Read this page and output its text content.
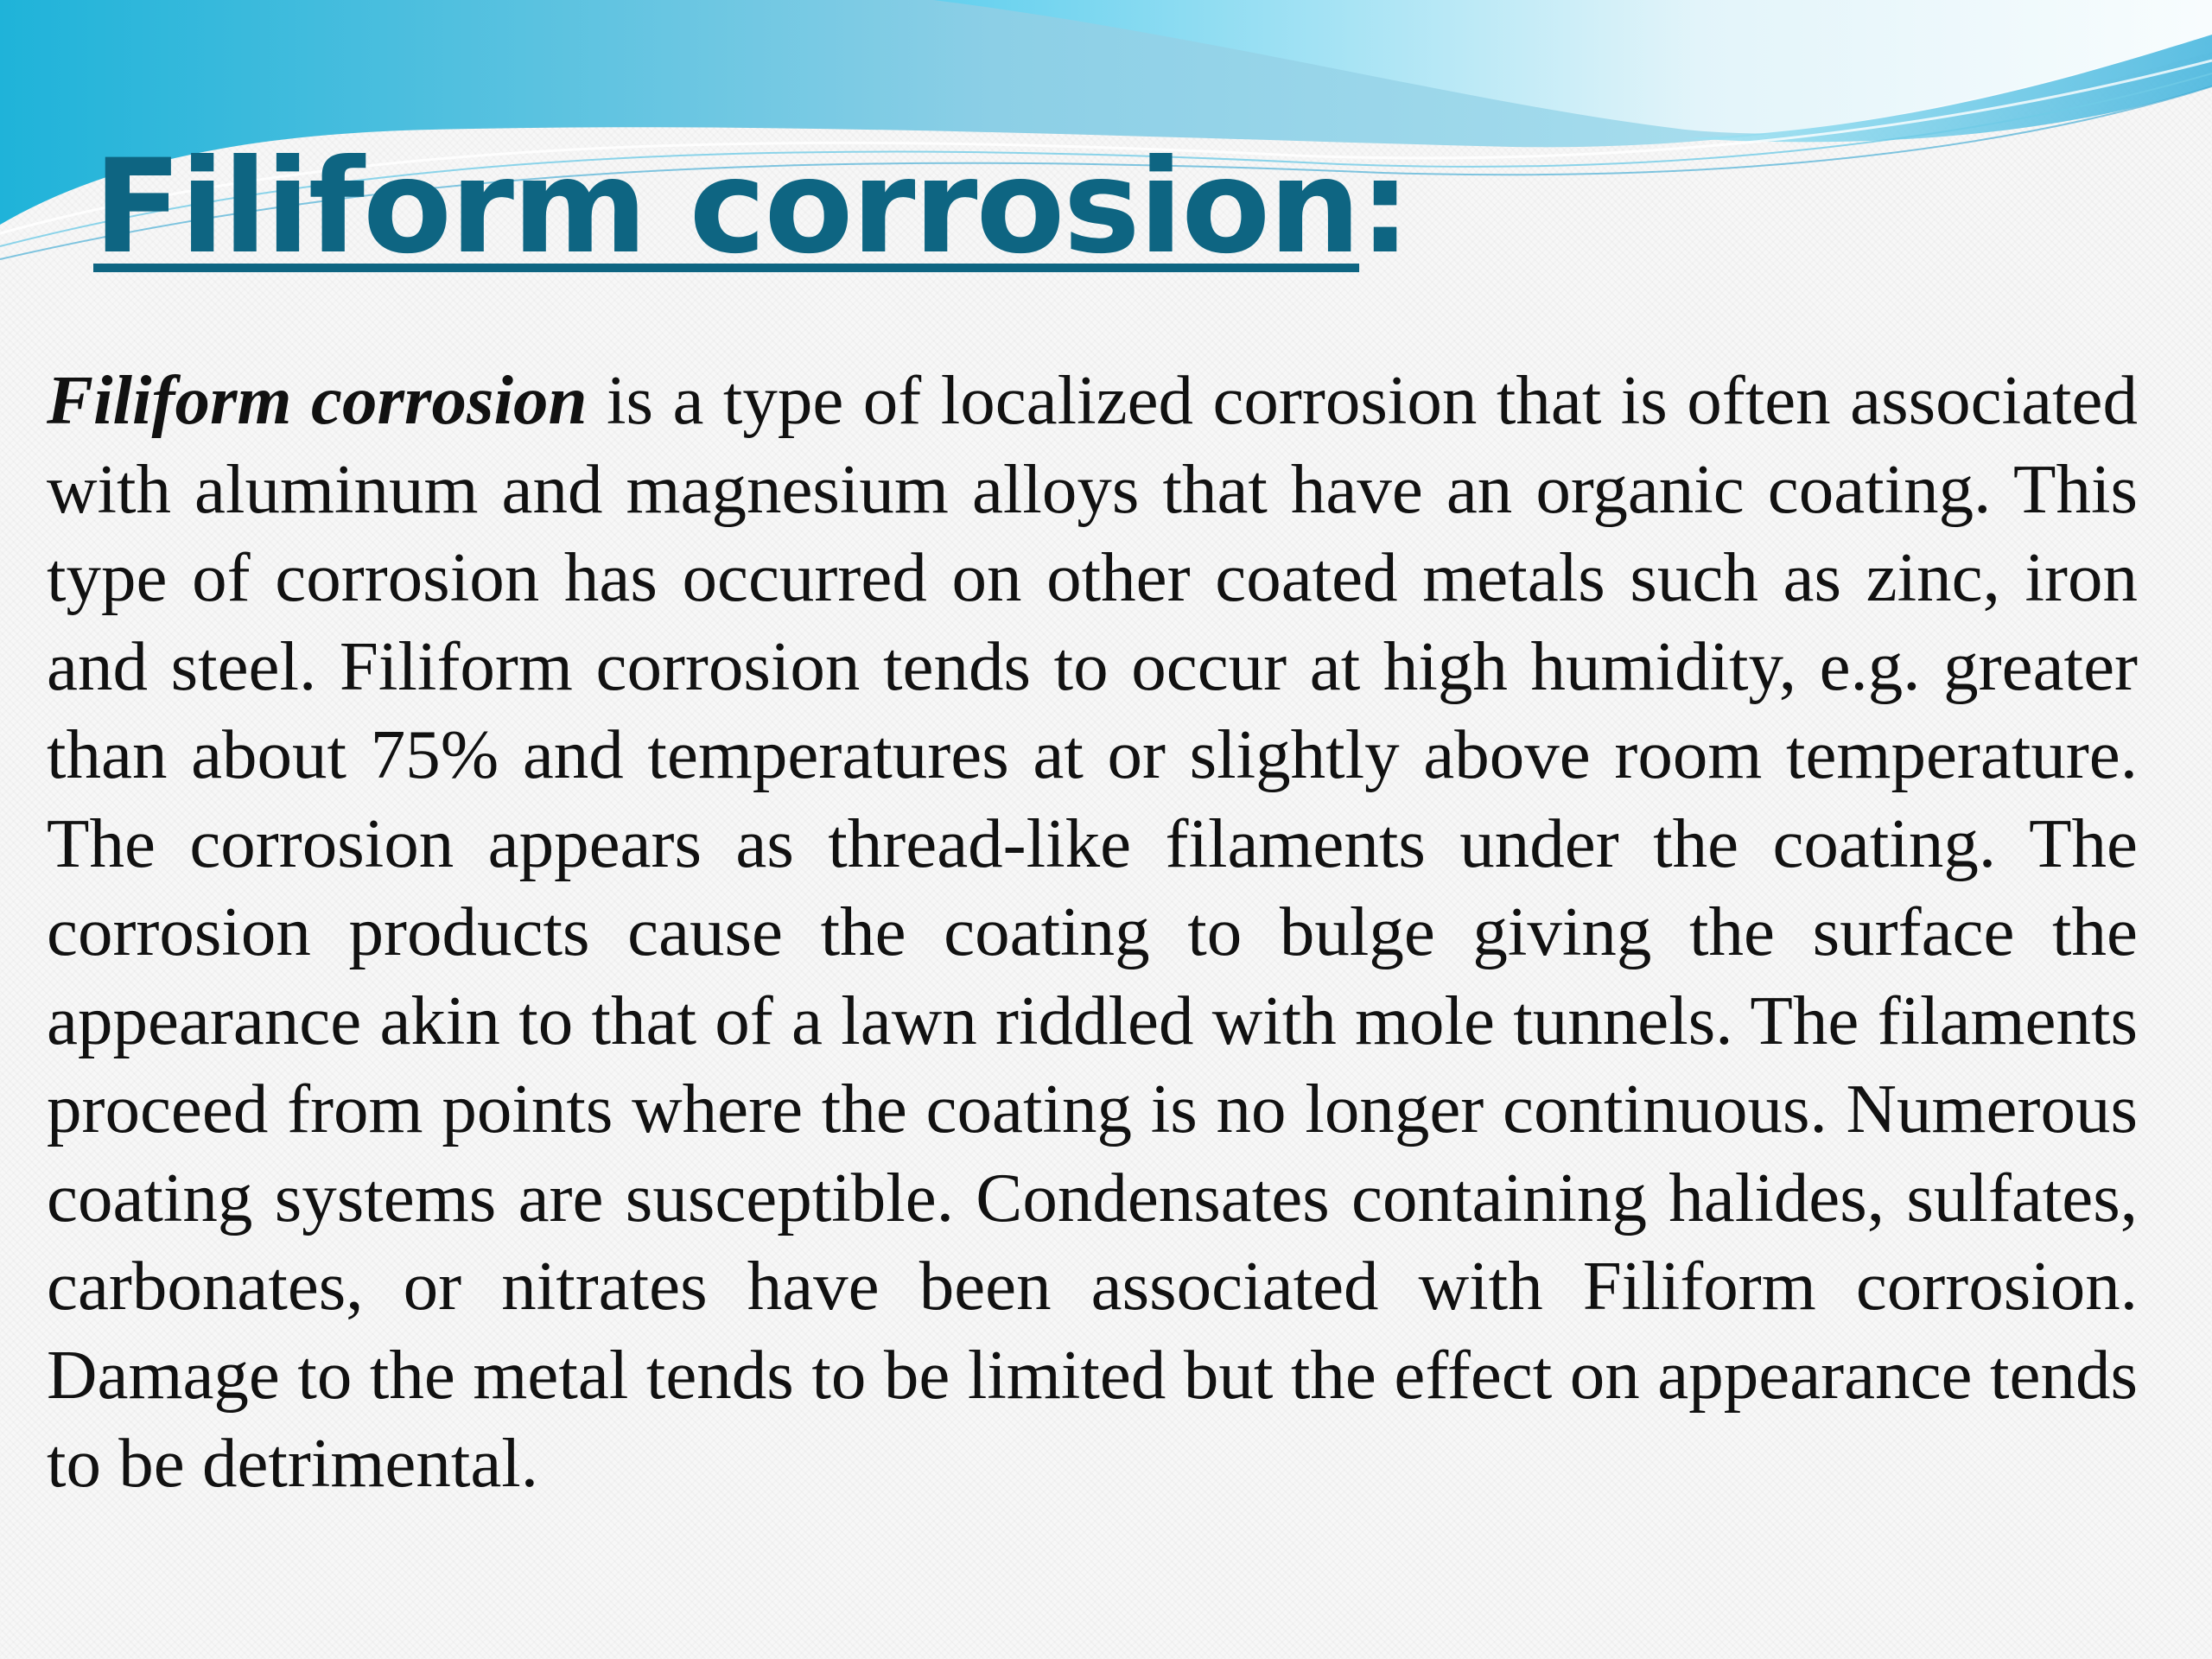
Filiform corrosion:

Filiform corrosion is a type of localized corrosion that is often associated with aluminum and magnesium alloys that have an organic coating. This type of corrosion has occurred on other coated metals such as zinc, iron and steel. Filiform corrosion tends to occur at high humidity, e.g. greater than about 75% and temperatures at or slightly above room temperature. The corrosion appears as thread-like filaments under the coating. The corrosion products cause the coating to bulge giving the surface the appearance akin to that of a lawn riddled with mole tunnels. The filaments proceed from points where the coating is no longer continuous. Numerous coating systems are susceptible. Condensates containing halides, sulfates, carbonates, or nitrates have been associated with Filiform corrosion. Damage to the metal tends to be limited but the effect on appearance tends to be detrimental.
